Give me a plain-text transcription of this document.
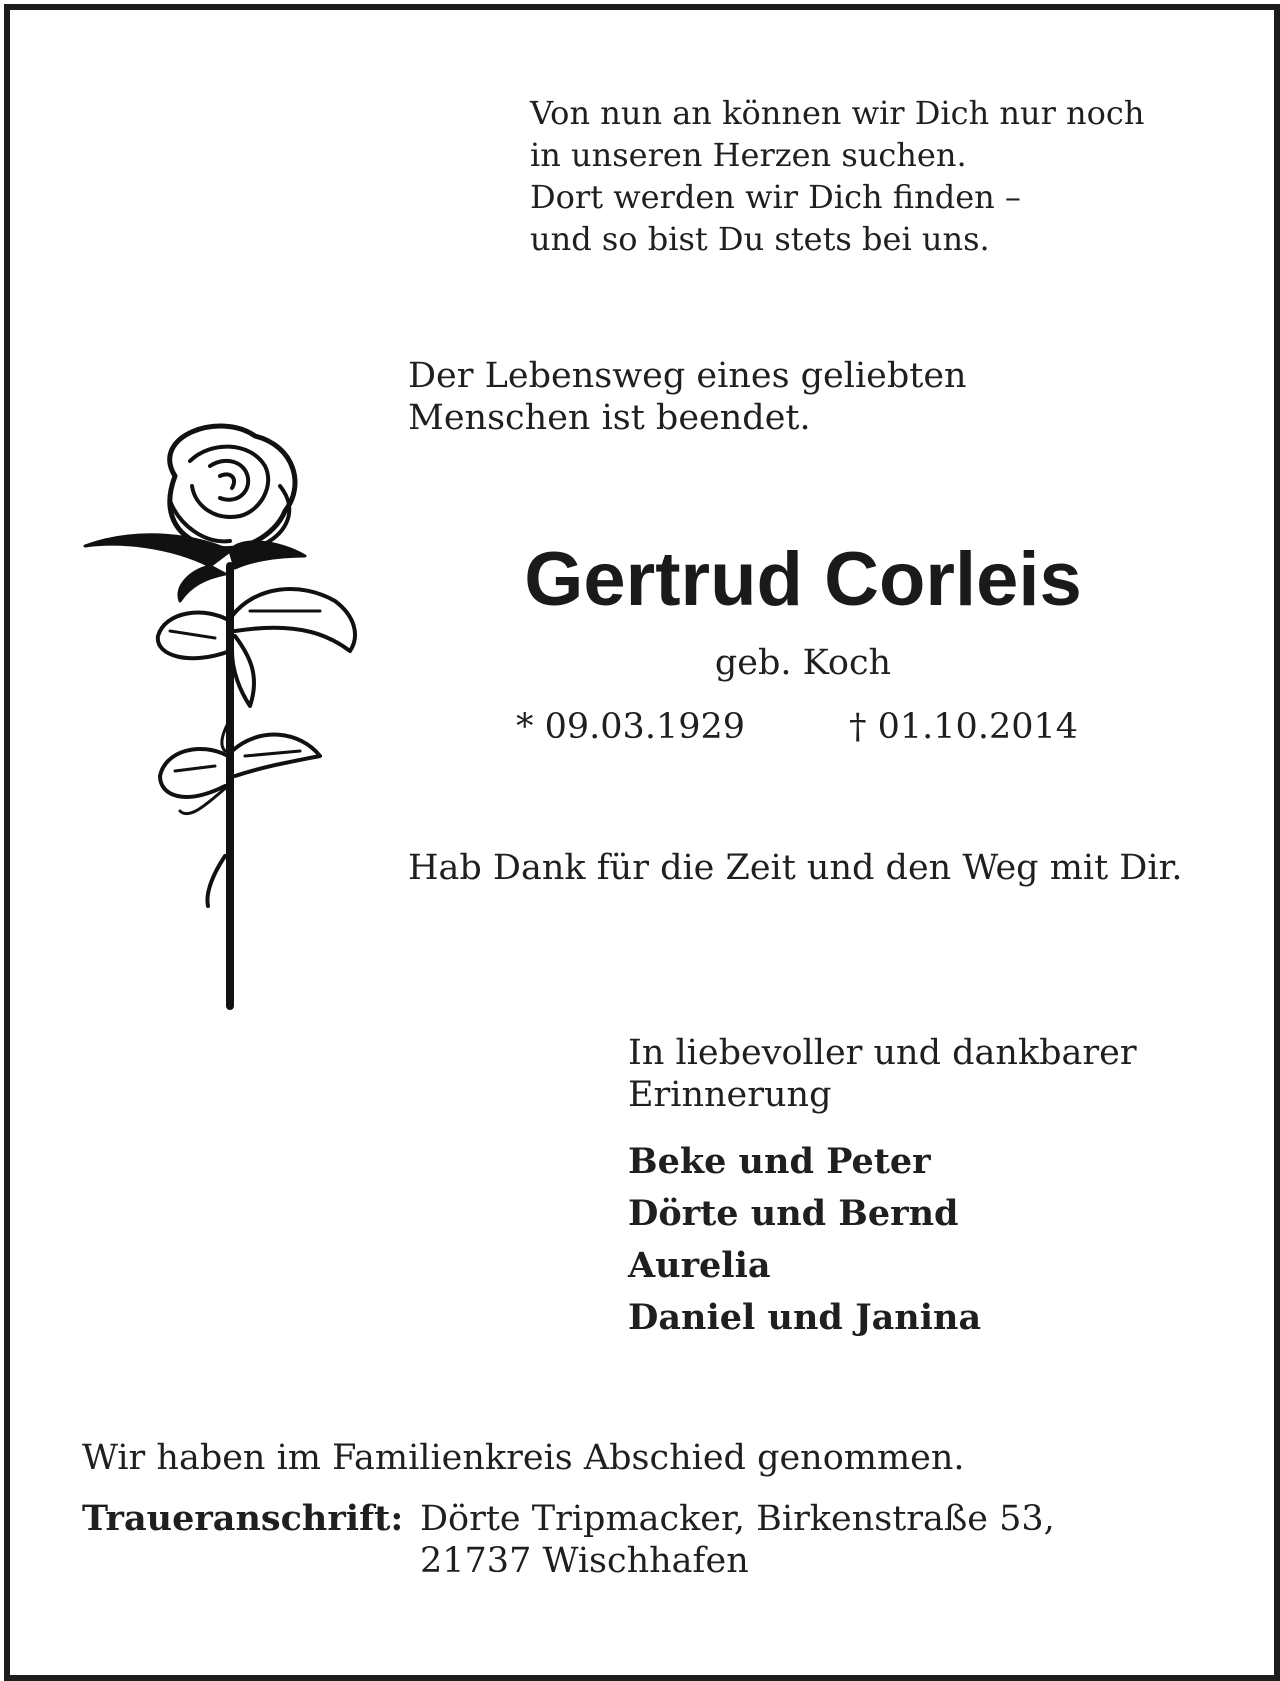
Von nun an können wir Dich nur noch
in unseren Herzen suchen.
Dort werden wir Dich finden –
und so bist Du stets bei uns.
Der Lebensweg eines geliebten
Menschen ist beendet.
Gertrud Corleis
geb. Koch
* 09.03.1929	† 01.10.2014
Hab Dank für die Zeit und den Weg mit Dir.
In liebevoller und dankbarer
Erinnerung
Beke und Peter
Dörte und Bernd
Aurelia
Daniel und Janina
Wir haben im Familienkreis Abschied genommen.
Traueranschrift: Dörte Tripmacker, Birkenstraße 53,
21737 Wischhafen
